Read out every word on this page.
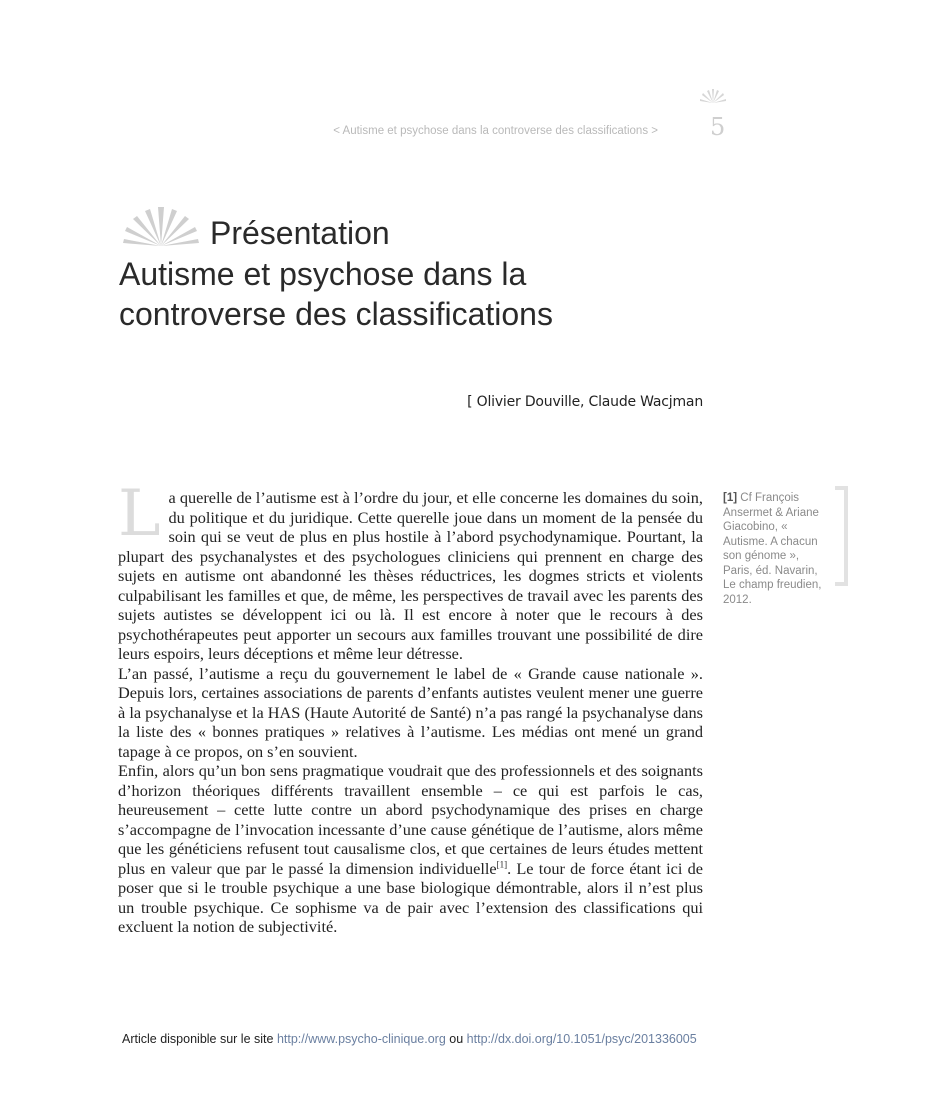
< Autisme et psychose dans la controverse des classifications > 5
Présentation
Autisme et psychose dans la controverse des classifications
[ Olivier Douville, Claude Wacjman

La querelle de l’autisme est à l’ordre du jour, et elle concerne les domaines du soin, du politique et du juridique. Cette querelle joue dans un moment de la pensée du soin qui se veut de plus en plus hostile à l’abord psychodynamique. Pourtant, la plupart des psychanalystes et des psychologues cliniciens qui prennent en charge des sujets en autisme ont abandonné les thèses réductrices, les dogmes stricts et violents culpabilisant les familles et que, de même, les perspectives de travail avec les parents des sujets autistes se développent ici ou là. Il est encore à noter que le recours à des psychothérapeutes peut apporter un secours aux familles trouvant une possibilité de dire leurs espoirs, leurs déceptions et même leur détresse.

L’an passé, l’autisme a reçu du gouvernement le label de « Grande cause nationale ». Depuis lors, certaines associations de parents d’enfants autistes veulent mener une guerre à la psychanalyse et la HAS (Haute Autorité de Santé) n’a pas rangé la psychanalyse dans la liste des « bonnes pratiques » relatives à l’autisme. Les médias ont mené un grand tapage à ce propos, on s’en souvient.

Enfin, alors qu’un bon sens pragmatique voudrait que des professionnels et des soignants d’horizon théoriques différents travaillent ensemble – ce qui est parfois le cas, heureusement – cette lutte contre un abord psychodynamique des prises en charge s’accompagne de l’invocation incessante d’une cause génétique de l’autisme, alors même que les généticiens refusent tout causalisme clos, et que certaines de leurs études mettent plus en valeur que par le passé la dimension individuelle[1]. Le tour de force étant ici de poser que si le trouble psychique a une base biologique démontrable, alors il n’est plus un trouble psychique. Ce sophisme va de pair avec l’extension des classifications qui excluent la notion de subjectivité.

[1] Cf François Ansermet & Ariane Giacobino, « Autisme. A chacun son génome », Paris, éd. Navarin, Le champ freudien, 2012.
Article disponible sur le site http://www.psycho-clinique.org ou http://dx.doi.org/10.1051/psyc/201336005
